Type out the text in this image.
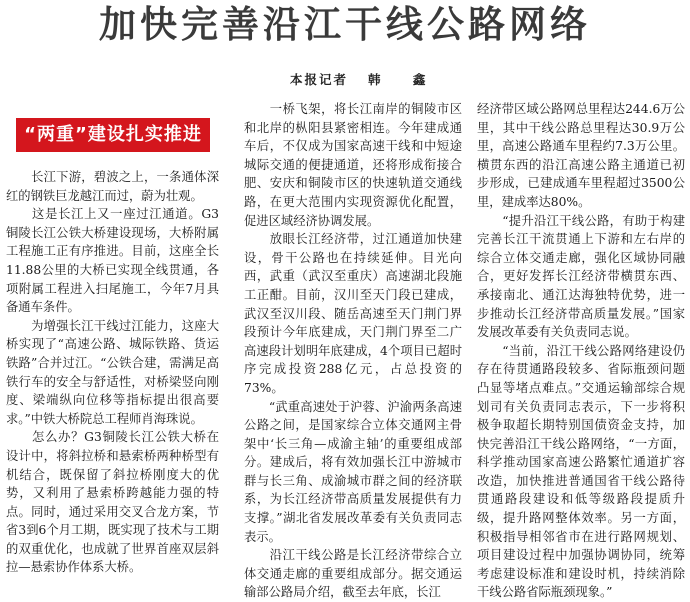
加快完善沿江干线公路网络
本报记者 韩 鑫

“两重”建设扎实推进

　　长江下游，碧波之上，一条通体深红的钢铁巨龙越江而过，蔚为壮观。
　　这是长江上又一座过江通道。G3铜陵长江公铁大桥建设现场，大桥附属工程施工正有序推进。目前，这座全长11.88公里的大桥已实现全线贯通，各项附属工程进入扫尾施工，今年7月具备通车条件。
　　为增强长江干线过江能力，这座大桥实现了“高速公路、城际铁路、货运铁路”合并过江。“公铁合建，需满足高铁行车的安全与舒适性，对桥梁竖向刚度、梁端纵向位移等指标提出很高要求。”中铁大桥院总工程师肖海珠说。
　　怎么办？G3铜陵长江公铁大桥在设计中，将斜拉桥和悬索桥两种桥型有机结合，既保留了斜拉桥刚度大的优势，又利用了悬索桥跨越能力强的特点。同时，通过采用交叉合龙方案，节省3到6个月工期，既实现了技术与工期的双重优化，也成就了世界首座双层斜拉—悬索协作体系大桥。

　　一桥飞架，将长江南岸的铜陵市区和北岸的枞阳县紧密相连。今年建成通车后，不仅成为国家高速干线和中短途城际交通的便捷通道，还将形成衔接合肥、安庆和铜陵市区的快速轨道交通线路，在更大范围内实现资源优化配置，促进区域经济协调发展。
　　放眼长江经济带，过江通道加快建设，骨干公路也在持续延伸。目光向西，武重（武汉至重庆）高速湖北段施工正酣。目前，汉川至天门段已建成，武汉至汉川段、随岳高速至天门荆门界段预计今年底建成，天门荆门界至二广高速段计划明年底建成，4个项目已超时序完成投资288亿元，占总投资的73%。
　　“武重高速处于沪蓉、沪渝两条高速公路之间，是国家综合立体交通网主骨架中‘长三角—成渝主轴’的重要组成部分。建成后，将有效加强长江中游城市群与长三角、成渝城市群之间的经济联系，为长江经济带高质量发展提供有力支撑。”湖北省发展改革委有关负责同志表示。
　　沿江干线公路是长江经济带综合立体交通走廊的重要组成部分。据交通运输部公路局介绍，截至去年底，长江
经济带区域公路网总里程达244.6万公里，其中干线公路总里程达30.9万公里，高速公路通车里程约7.3万公里。横贯东西的沿江高速公路主通道已初步形成，已建成通车里程超过3500公里，建成率达80%。
　　“提升沿江干线公路，有助于构建完善长江干流贯通上下游和左右岸的综合立体交通走廊，强化区域协同融合，更好发挥长江经济带横贯东西、承接南北、通江达海独特优势，进一步推动长江经济带高质量发展。”国家发展改革委有关负责同志说。
　　“当前，沿江干线公路网络建设仍存在待贯通路段较多、省际瓶颈问题凸显等堵点难点。”交通运输部综合规划司有关负责同志表示，下一步将积极争取超长期特别国债资金支持，加快完善沿江干线公路网络，“一方面，科学推动国家高速公路繁忙通道扩容改造，加快推进普通国省干线公路待贯通路段建设和低等级路段提质升级，提升路网整体效率。另一方面，积极指导相邻省市在进行路网规划、项目建设过程中加强协调协同，统筹考虑建设标准和建设时机，持续消除干线公路省际瓶颈现象。”
